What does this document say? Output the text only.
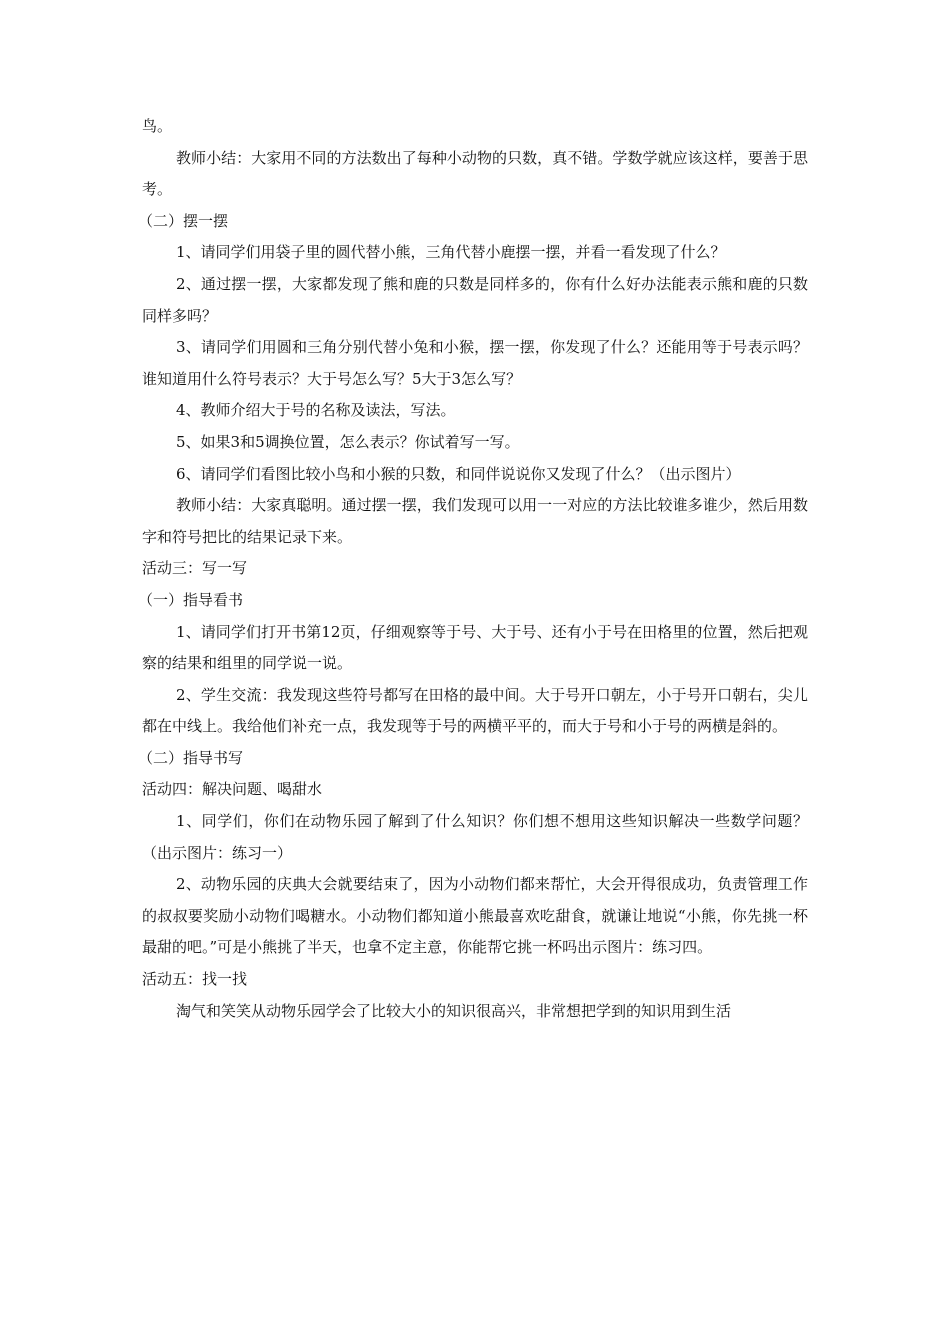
鸟。

教师小结：大家用不同的方法数出了每种小动物的只数，真不错。学数学就应该这样，要善于思考。

（二）摆一摆

1、请同学们用袋子里的圆代替小熊，三角代替小鹿摆一摆，并看一看发现了什么？

2、通过摆一摆，大家都发现了熊和鹿的只数是同样多的，你有什么好办法能表示熊和鹿的只数同样多吗？

3、请同学们用圆和三角分别代替小兔和小猴，摆一摆，你发现了什么？还能用等于号表示吗？谁知道用什么符号表示？大于号怎么写？5大于3怎么写？

4、教师介绍大于号的名称及读法，写法。

5、如果3和5调换位置，怎么表示？你试着写一写。

6、请同学们看图比较小鸟和小猴的只数，和同伴说说你又发现了什么？（出示图片）

教师小结：大家真聪明。通过摆一摆，我们发现可以用一一对应的方法比较谁多谁少，然后用数字和符号把比的结果记录下来。

活动三：写一写

（一）指导看书

1、请同学们打开书第12页，仔细观察等于号、大于号、还有小于号在田格里的位置，然后把观察的结果和组里的同学说一说。

2、学生交流：我发现这些符号都写在田格的最中间。大于号开口朝左，小于号开口朝右，尖儿都在中线上。我给他们补充一点，我发现等于号的两横平平的，而大于号和小于号的两横是斜的。

（二）指导书写

活动四：解决问题、喝甜水

1、同学们，你们在动物乐园了解到了什么知识？你们想不想用这些知识解决一些数学问题？（出示图片：练习一）

2、动物乐园的庆典大会就要结束了，因为小动物们都来帮忙，大会开得很成功，负责管理工作的叔叔要奖励小动物们喝糖水。小动物们都知道小熊最喜欢吃甜食，就谦让地说“小熊，你先挑一杯最甜的吧。”可是小熊挑了半天，也拿不定主意，你能帮它挑一杯吗出示图片：练习四。

活动五：找一找

淘气和笑笑从动物乐园学会了比较大小的知识很高兴，非常想把学到的知识用到生活
